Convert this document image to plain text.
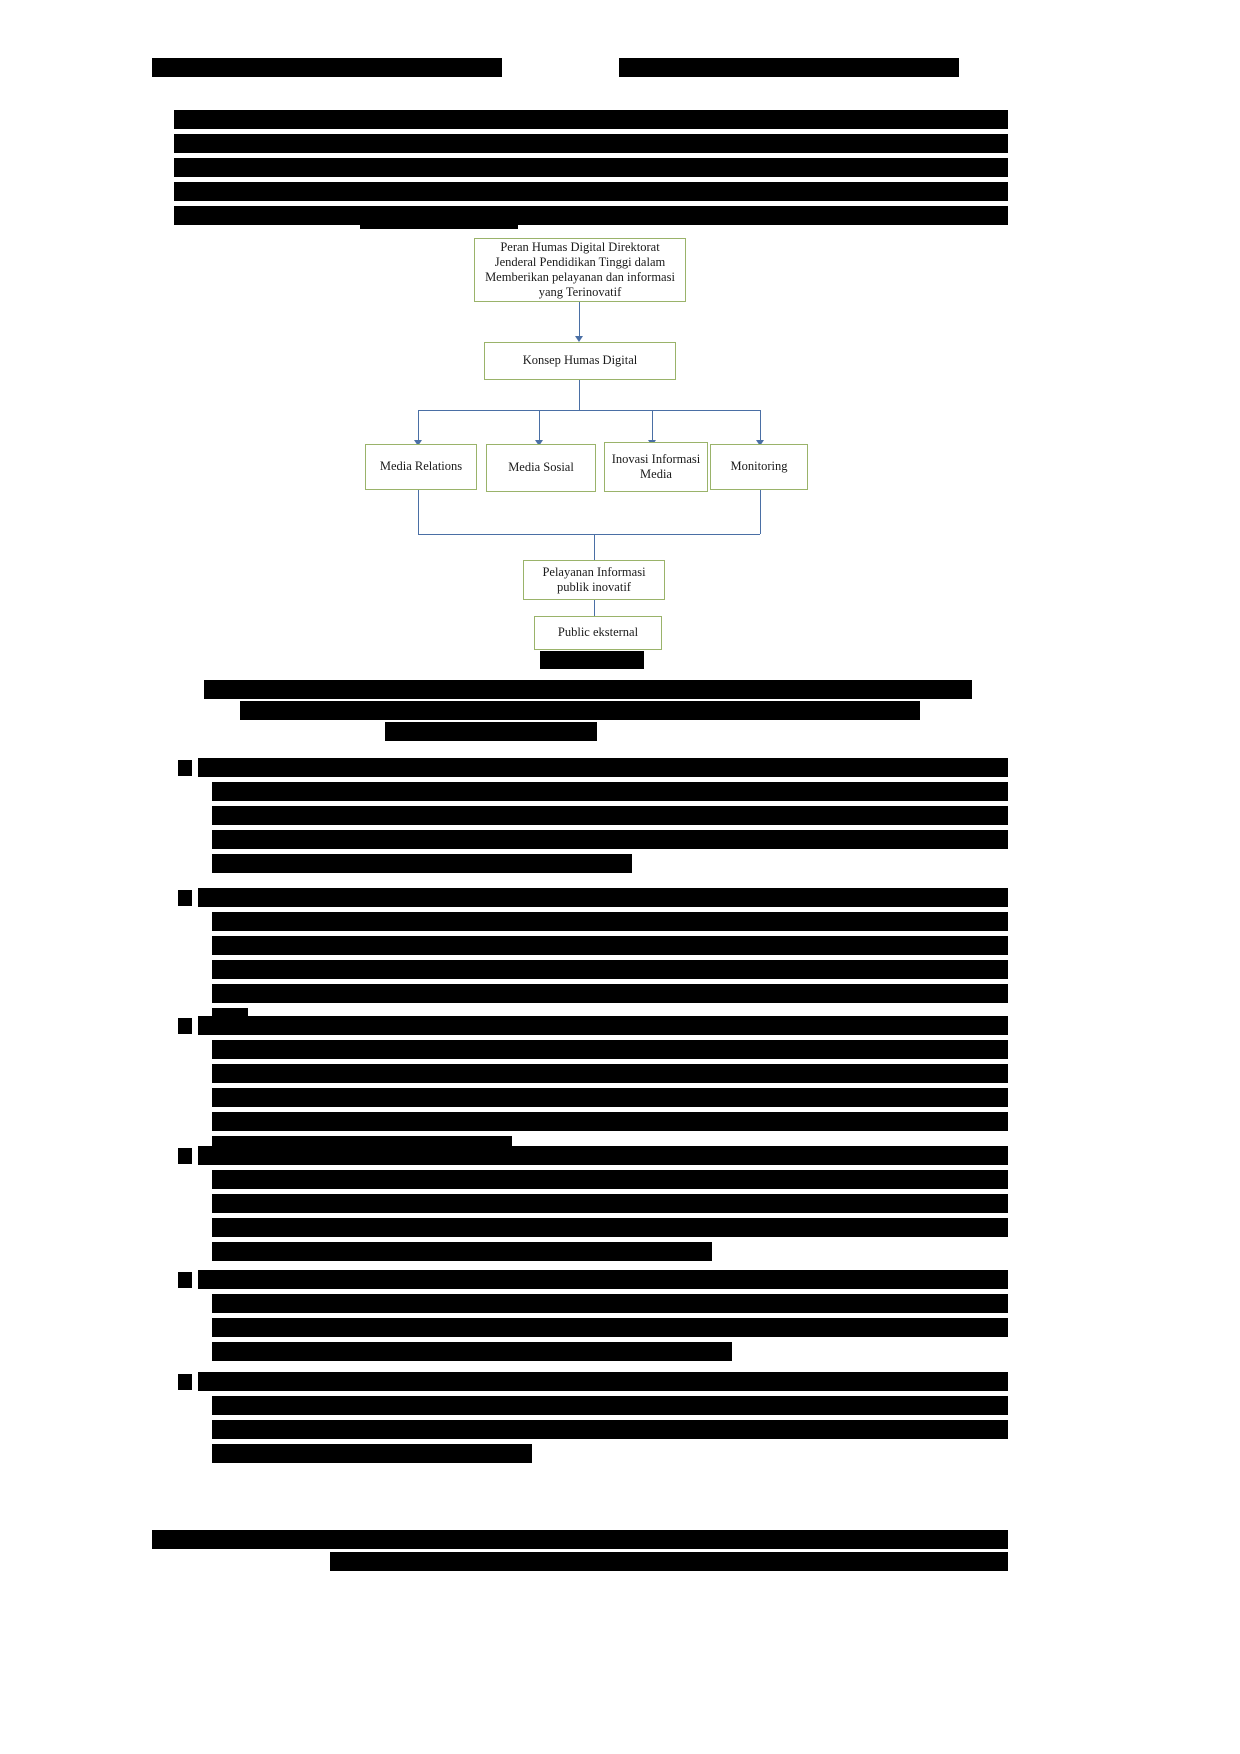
Peran Humas Digital Direktorat Jenderal Pendidikan Tinggi dalam Memberikan pelayanan dan informasi yang Terinovatif
Konsep Humas Digital
Media Relations	Media Sosial
Inovasi Informasi Media
Monitoring
Pelayanan Informasi publik inovatif
Public eksternal
